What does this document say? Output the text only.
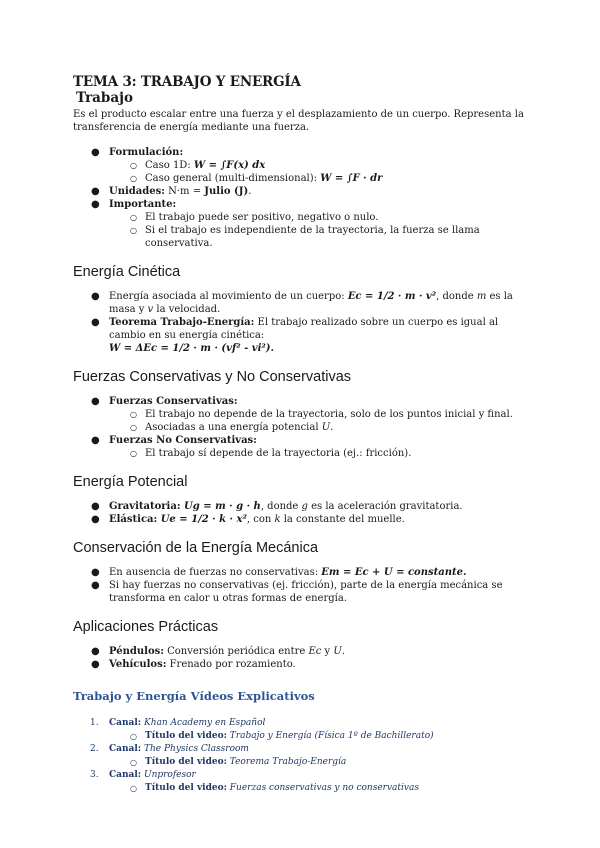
TEMA 3: TRABAJO Y ENERGÍA
Trabajo

Es el producto escalar entre una fuerza y el desplazamiento de un cuerpo. Representa la transferencia de energía mediante una fuerza.

● Formulación:
○ Caso 1D: W = ∫F(x) dx
○ Caso general (multi-dimensional): W = ∫F · dr
● Unidades: N·m = Julio (J).
● Importante:
○ El trabajo puede ser positivo, negativo o nulo.
○ Si el trabajo es independiente de la trayectoria, la fuerza se llama conservativa.
Energía Cinética
● Energía asociada al movimiento de un cuerpo: Ec = 1/2 · m · v², donde m es la masa y v la velocidad.
● Teorema Trabajo-Energía: El trabajo realizado sobre un cuerpo es igual al cambio en su energía cinética:
W = ΔEc = 1/2 · m · (vf² - vi²).
Fuerzas Conservativas y No Conservativas
● Fuerzas Conservativas:
○ El trabajo no depende de la trayectoria, solo de los puntos inicial y final.
○ Asociadas a una energía potencial U.
● Fuerzas No Conservativas:
○ El trabajo sí depende de la trayectoria (ej.: fricción).
Energía Potencial
● Gravitatoria: Ug = m · g · h, donde g es la aceleración gravitatoria.
● Elástica: Ue = 1/2 · k · x², con k la constante del muelle.
Conservación de la Energía Mecánica
● En ausencia de fuerzas no conservativas: Em = Ec + U = constante.
● Si hay fuerzas no conservativas (ej. fricción), parte de la energía mecánica se transforma en calor u otras formas de energía.
Aplicaciones Prácticas
● Péndulos: Conversión periódica entre Ec y U.
● Vehículos: Frenado por rozamiento.
Trabajo y Energía Vídeos Explicativos
1. Canal: Khan Academy en Español
○ Título del video: Trabajo y Energía (Física 1º de Bachillerato)
2. Canal: The Physics Classroom
○ Título del video: Teorema Trabajo-Energía
3. Canal: Unprofesor
○ Título del video: Fuerzas conservativas y no conservativas
